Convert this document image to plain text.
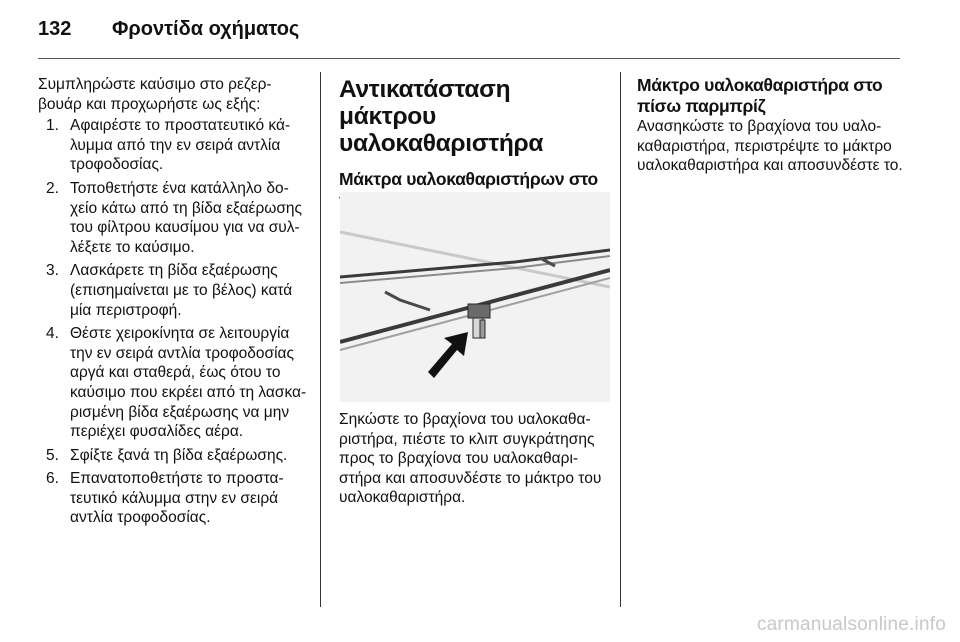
132 Φροντίδα οχήματος

Συμπληρώστε καύσιμο στο ρεζερ-βουάρ και προχωρήστε ως εξής:

1. Αφαιρέστε το προστατευτικό κά-λυμμα από την εν σειρά αντλία τροφοδοσίας.
2. Τοποθετήστε ένα κατάλληλο δο-χείο κάτω από τη βίδα εξαέρωσης του φίλτρου καυσίμου για να συλ-λέξετε το καύσιμο.
3. Λασκάρετε τη βίδα εξαέρωσης (επισημαίνεται με το βέλος) κατά μία περιστροφή.
4. Θέστε χειροκίνητα σε λειτουργία την εν σειρά αντλία τροφοδοσίας αργά και σταθερά, έως ότου το καύσιμο που εκρέει από τη λασκα-ρισμένη βίδα εξαέρωσης να μην περιέχει φυσαλίδες αέρα.
5. Σφίξτε ξανά τη βίδα εξαέρωσης.
6. Επανατοποθετήστε το προστα-τευτικό κάλυμμα στην εν σειρά αντλία τροφοδοσίας.
Αντικατάσταση μάκτρου υαλοκαθαριστήρα
Μάκτρα υαλοκαθαριστήρων στο

Σηκώστε το βραχίονα του υαλοκαθα-ριστήρα, πιέστε το κλιπ συγκράτησης προς το βραχίονα του υαλοκαθαρι-στήρα και αποσυνδέστε το μάκτρο του υαλοκαθαριστήρα.

Μάκτρο υαλοκαθαριστήρα στο πίσω παρμπρίζ

Ανασηκώστε το βραχίονα του υαλο-καθαριστήρα, περιστρέψτε το μάκτρο υαλοκαθαριστήρα και αποσυνδέστε το.

carmanualsonline.info
